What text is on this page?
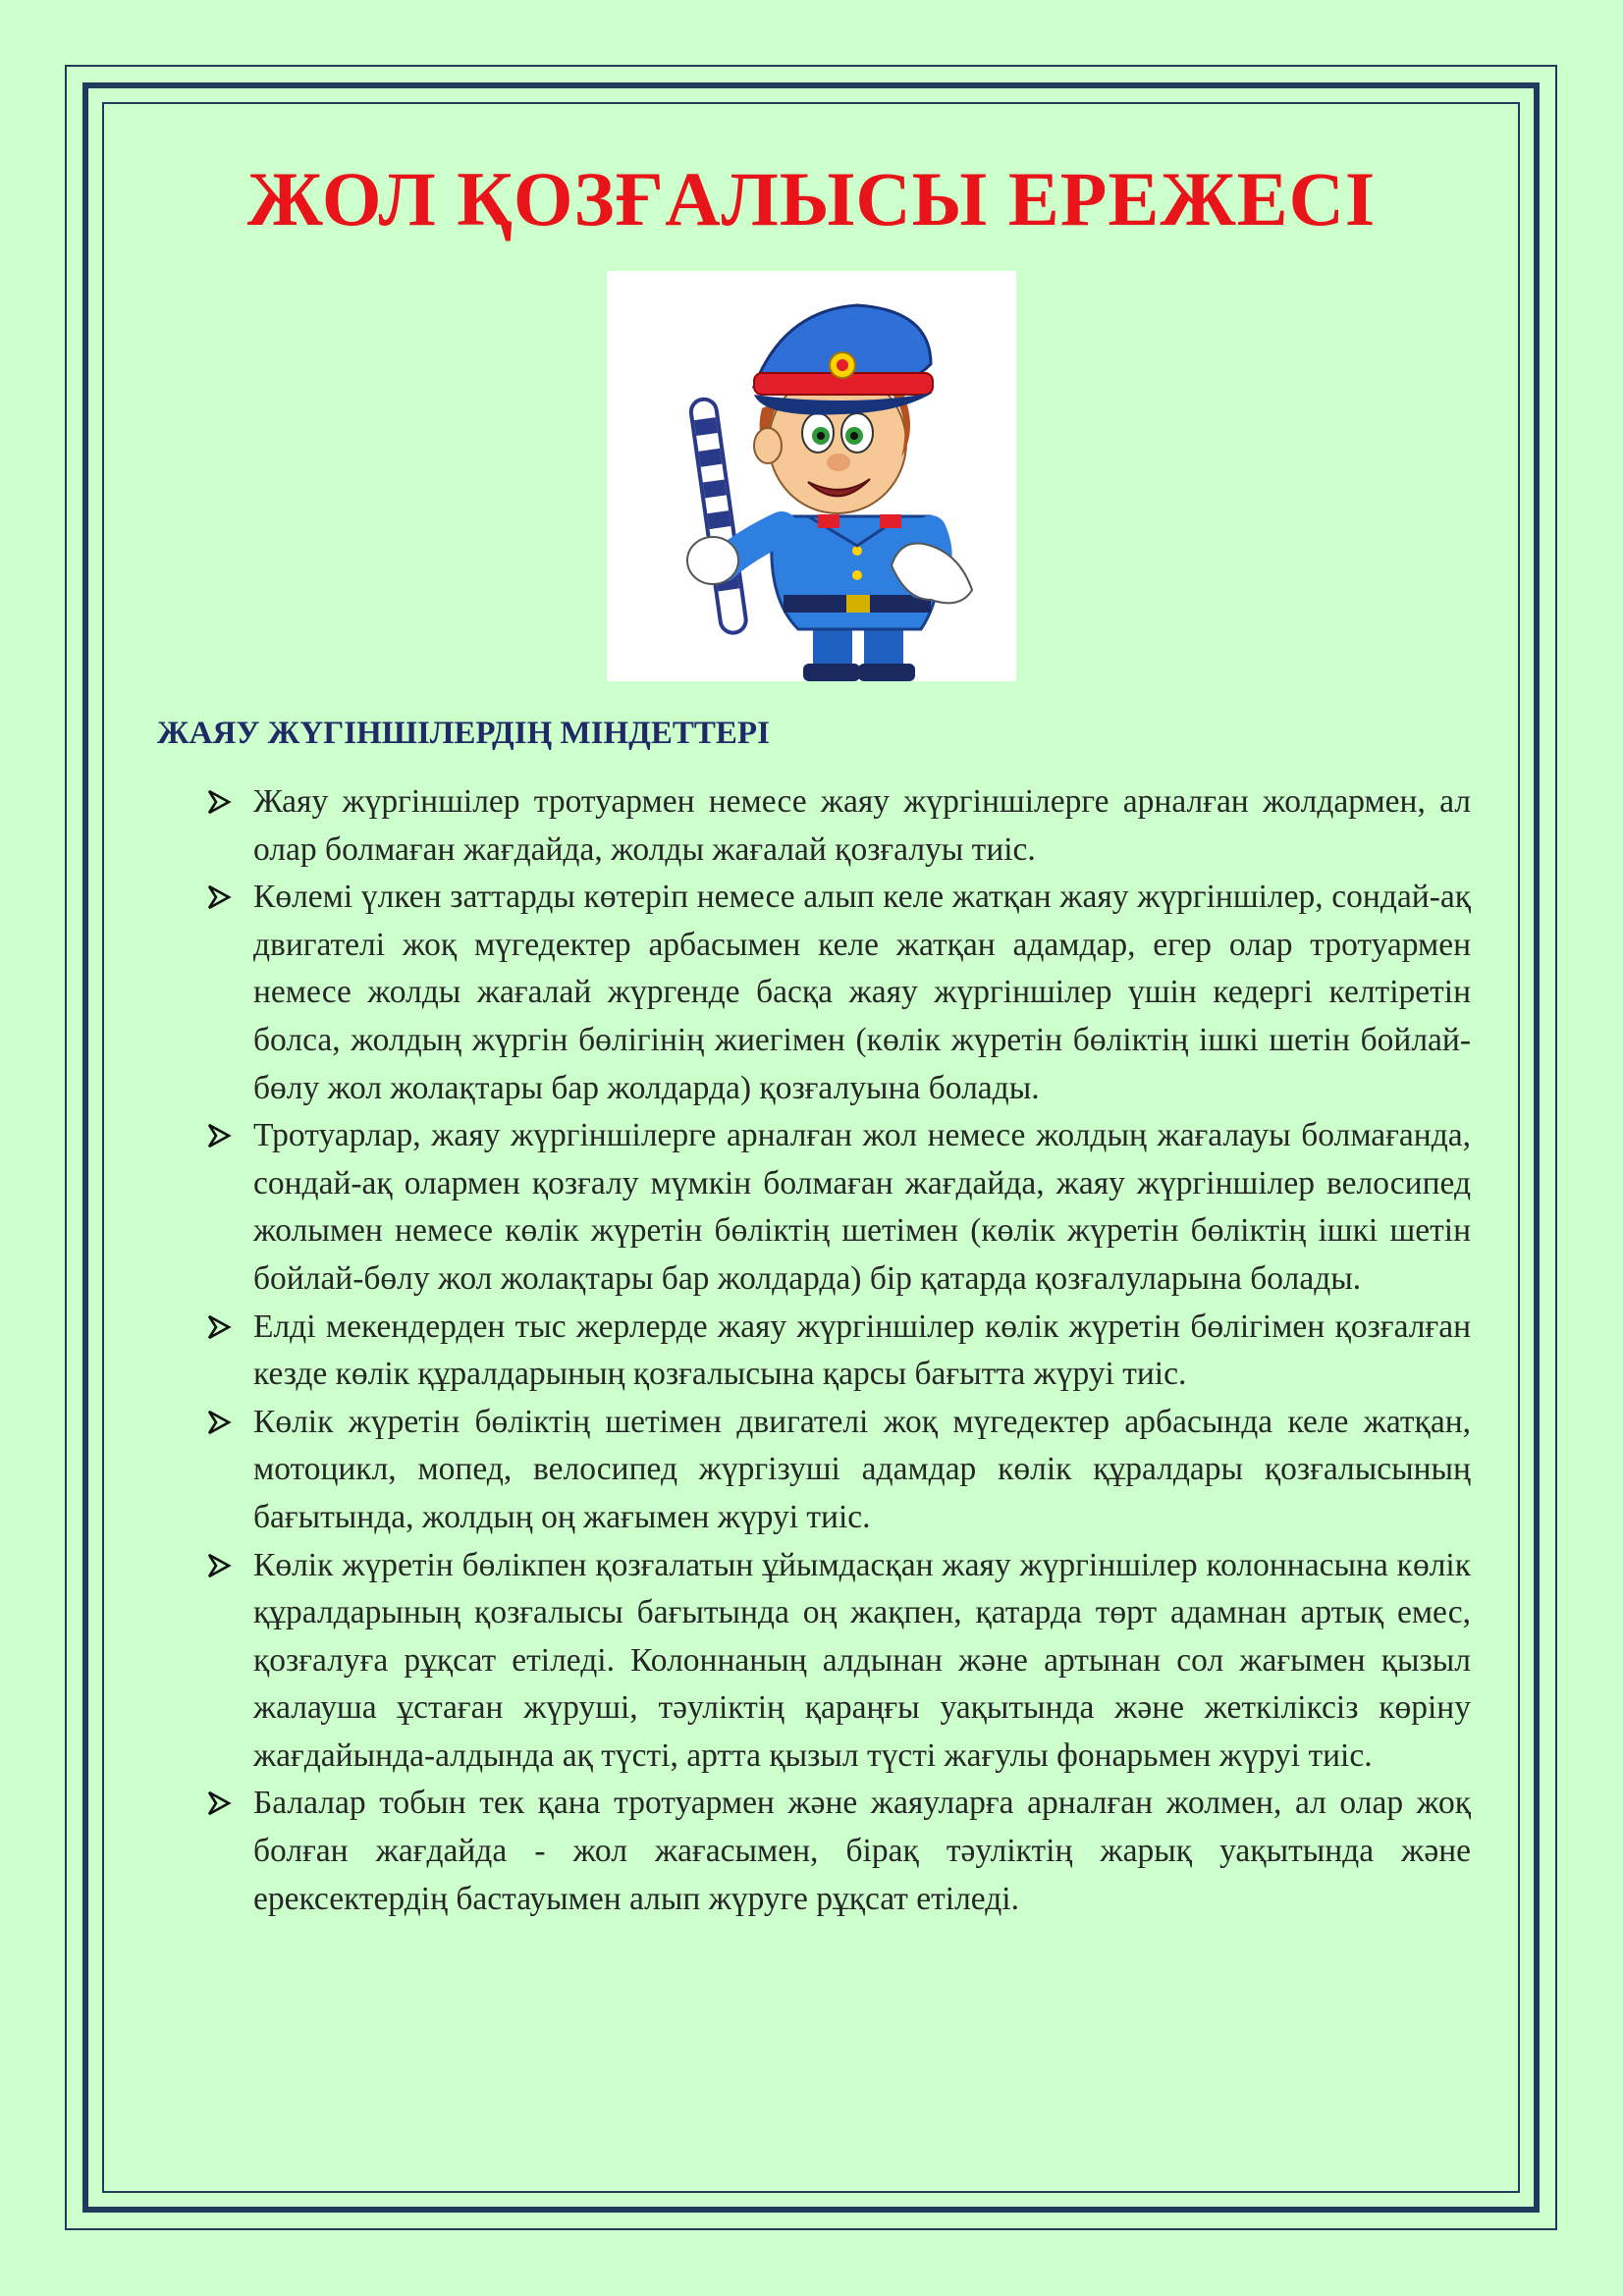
ЖОЛ ҚОЗҒАЛЫСЫ ЕРЕЖЕСІ
ЖАЯУ ЖҮГІНШІЛЕРДІҢ МІНДЕТТЕРІ
Жаяу жүргіншілер тротуармен немесе жаяу жүргіншілерге арналған жолдармен, ал олар болмаған жағдайда, жолды жағалай қозғалуы тиіс.
Көлемі үлкен заттарды көтеріп немесе алып келе жатқан жаяу жүргіншілер, сондай-ақ двигателі жоқ мүгедектер арбасымен келе жатқан адамдар, егер олар тротуармен немесе жолды жағалай жүргенде басқа жаяу жүргіншілер үшін кедергі келтіретін болса, жолдың жүргін бөлігінің жиегімен (көлік жүретін бөліктің ішкі шетін бойлай-бөлу жол жолақтары бар жолдарда) қозғалуына болады.
Тротуарлар, жаяу жүргіншілерге арналған жол немесе жолдың жағалауы болмағанда, сондай-ақ олармен қозғалу мүмкін болмаған жағдайда, жаяу жүргіншілер велосипед жолымен немесе көлік жүретін бөліктің шетімен (көлік жүретін бөліктің ішкі шетін бойлай-бөлу жол жолақтары бар жолдарда) бір қатарда қозғалуларына болады.
Елді мекендерден тыс жерлерде жаяу жүргіншілер көлік жүретін бөлігімен қозғалған кезде көлік құралдарының қозғалысына қарсы бағытта жүруі тиіс.
Көлік жүретін бөліктің шетімен двигателі жоқ мүгедектер арбасында келе жатқан, мотоцикл, мопед, велосипед жүргізуші адамдар көлік құралдары қозғалысының бағытында, жолдың оң жағымен жүруі тиіс.
Көлік жүретін бөлікпен қозғалатын ұйымдасқан жаяу жүргіншілер колоннасына көлік құралдарының қозғалысы бағытында оң жақпен, қатарда төрт адамнан артық емес, қозғалуға рұқсат етіледі. Колоннаның алдынан және артынан сол жағымен қызыл жалауша ұстаған жүруші, тәуліктің қараңғы уақытында және жеткіліксіз көріну жағдайында-алдында ақ түсті, артта қызыл түсті жағулы фонарьмен жүруі тиіс.
Балалар тобын тек қана тротуармен және жаяуларға арналған жолмен, ал олар жоқ болған жағдайда - жол жағасымен, бірақ тәуліктің жарық уақытында және ерексектердің бастауымен алып жүруге рұқсат етіледі.
